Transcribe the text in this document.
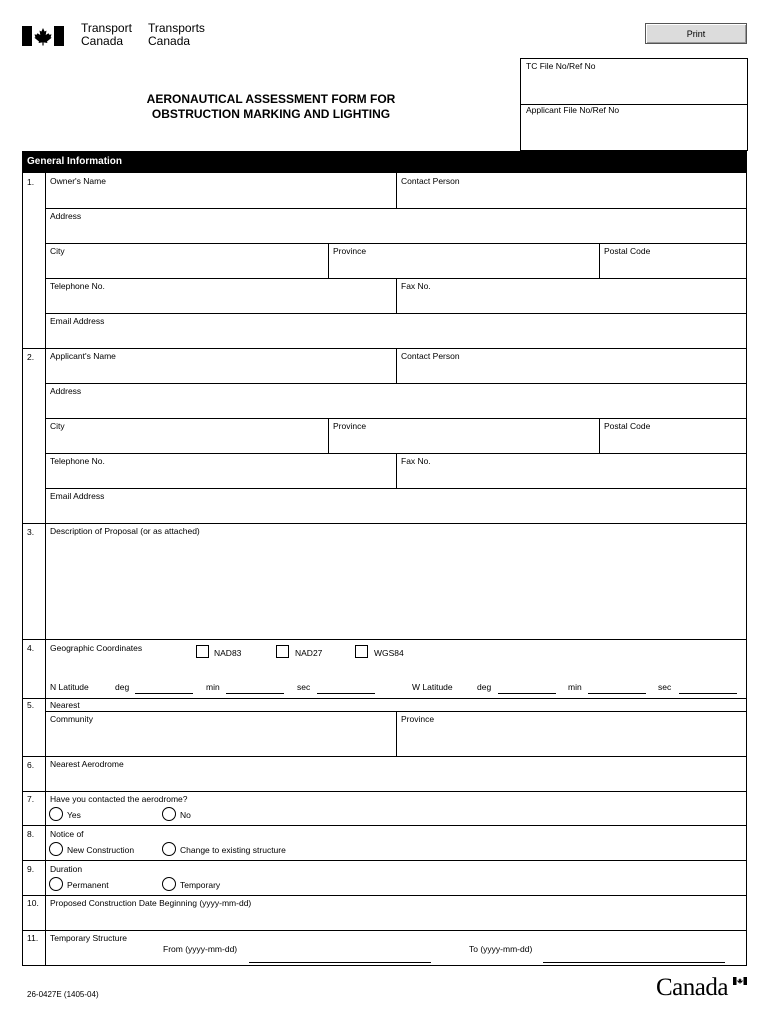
Transport
Canada
Transports
Canada	Print
TC File No/Ref No
Applicant File No/Ref No
AERONAUTICAL ASSESSMENT FORM FOR
OBSTRUCTION MARKING AND LIGHTING
General Information
1. Owner's Name	Contact Person
Address
City	Province	Postal Code
Telephone No.	Fax No.
Email Address
2. Applicant's Name	Contact Person
Address
City	Province	Postal Code
Telephone No.	Fax No.
Email Address
3. Description of Proposal (or as attached)
4. Geographic Coordinates	NAD83	NAD27	WGS84
N Latitude	deg	min	sec	W Latitude	deg	min	sec
5. Nearest
Community	Province
6. Nearest Aerodrome
7. Have you contacted the aerodrome?
Yes	No
8. Notice of
New Construction	Change to existing structure
9. Duration
Permanent	Temporary
10. Proposed Construction Date Beginning (yyyy-mm-dd)
11. Temporary Structure
From (yyyy-mm-dd)	To (yyyy-mm-dd)
26-0427E (1405-04)	Canada
